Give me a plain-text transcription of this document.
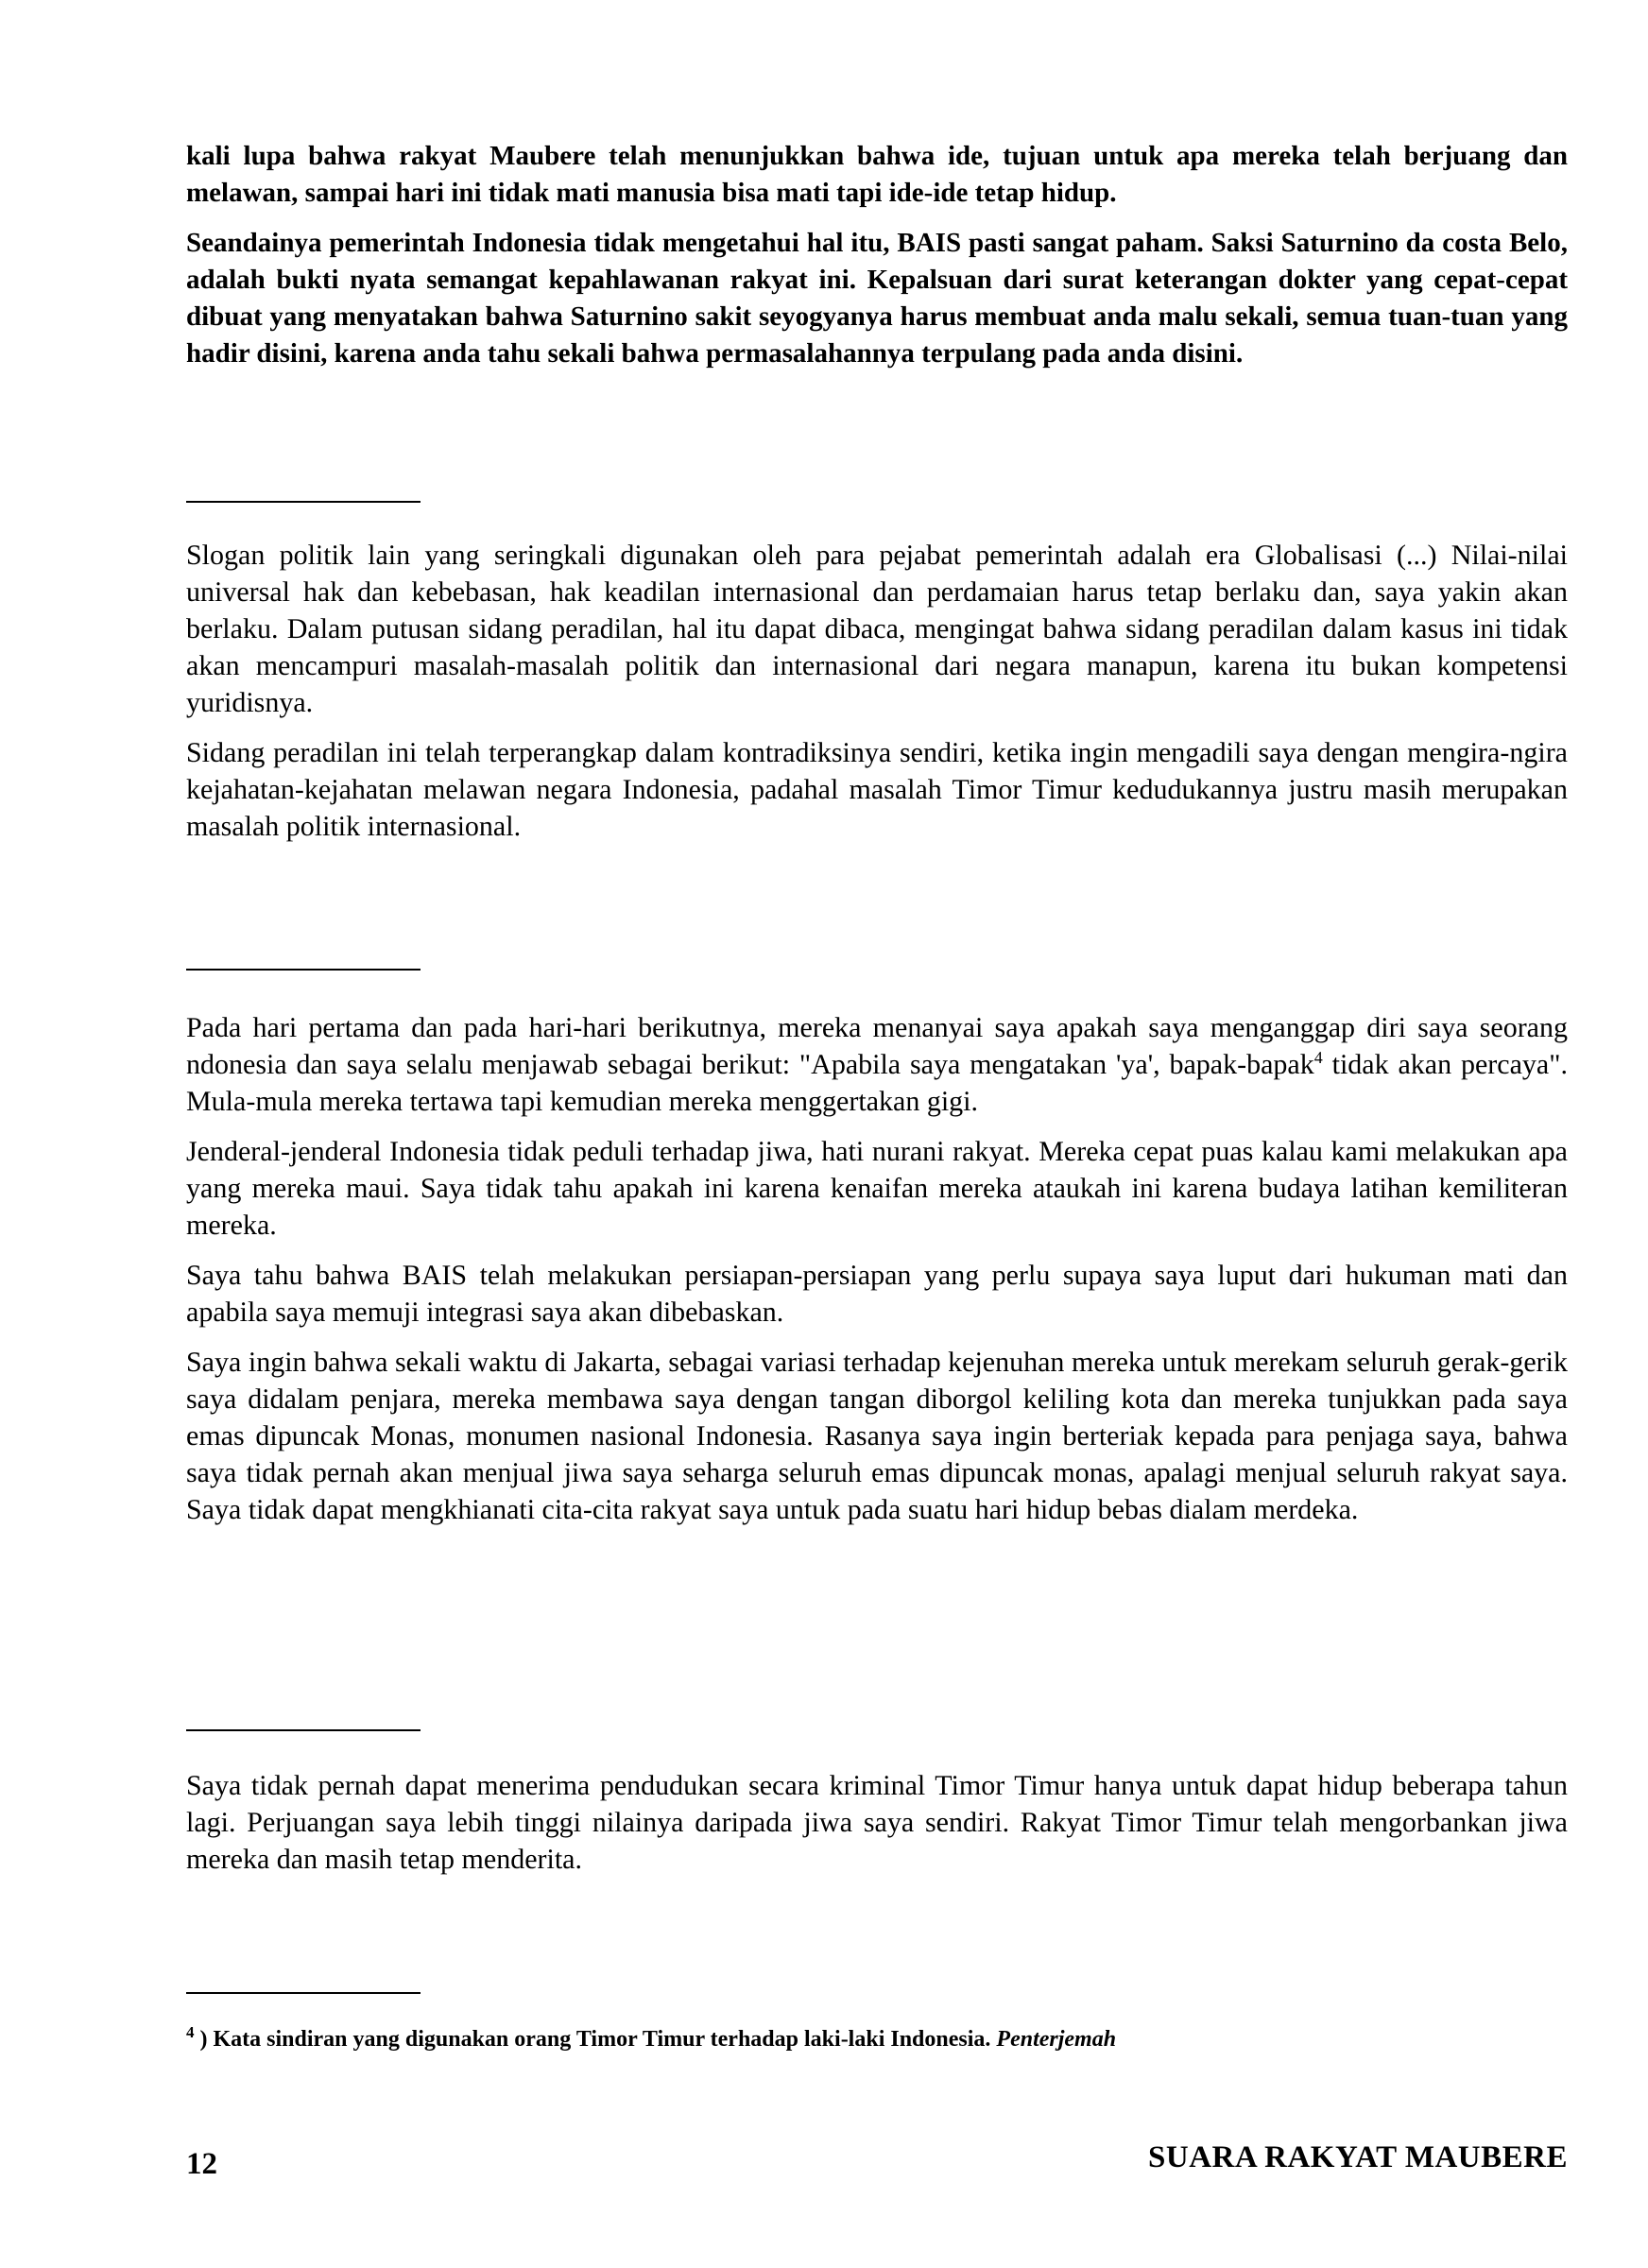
kali lupa bahwa rakyat Maubere telah menunjukkan bahwa ide, tujuan untuk apa mereka telah berjuang dan melawan, sampai hari ini tidak mati manusia bisa mati tapi ide-ide tetap hidup.

Seandainya pemerintah Indonesia tidak mengetahui hal itu, BAIS pasti sangat paham. Saksi Saturnino da costa Belo, adalah bukti nyata semangat kepahlawanan rakyat ini. Kepalsuan dari surat keterangan dokter yang cepat-cepat dibuat yang menyatakan bahwa Saturnino sakit seyogyanya harus membuat anda malu sekali, semua tuan-tuan yang hadir disini, karena anda tahu sekali bahwa permasalahannya terpulang pada anda disini.

Slogan politik lain yang seringkali digunakan oleh para pejabat pemerintah adalah era Globalisasi (...) Nilai-nilai universal hak dan kebebasan, hak keadilan internasional dan perdamaian harus tetap berlaku dan, saya yakin akan berlaku. Dalam putusan sidang peradilan, hal itu dapat dibaca, mengingat bahwa sidang peradilan dalam kasus ini tidak akan mencampuri masalah-masalah politik dan internasional dari negara manapun, karena itu bukan kompetensi yuridisnya.

Sidang peradilan ini telah terperangkap dalam kontradiksinya sendiri, ketika ingin mengadili saya dengan mengira-ngira kejahatan-kejahatan melawan negara Indonesia, padahal masalah Timor Timur kedudukannya justru masih merupakan masalah politik internasional.

Pada hari pertama dan pada hari-hari berikutnya, mereka menanyai saya apakah saya menganggap diri saya seorang ndonesia dan saya selalu menjawab sebagai berikut: "Apabila saya mengatakan 'ya', bapak-bapak$^4$ tidak akan percaya". Mula-mula mereka tertawa tapi kemudian mereka menggertakan gigi.

Jenderal-jenderal Indonesia tidak peduli terhadap jiwa, hati nurani rakyat. Mereka cepat puas kalau kami melakukan apa yang mereka maui. Saya tidak tahu apakah ini karena kenaifan mereka ataukah ini karena budaya latihan kemiliteran mereka.

Saya tahu bahwa BAIS telah melakukan persiapan-persiapan yang perlu supaya saya luput dari hukuman mati dan apabila saya memuji integrasi saya akan dibebaskan.

Saya ingin bahwa sekali waktu di Jakarta, sebagai variasi terhadap kejenuhan mereka untuk merekam seluruh gerak-gerik saya didalam penjara, mereka membawa saya dengan tangan diborgol keliling kota dan mereka tunjukkan pada saya emas dipuncak Monas, monumen nasional Indonesia. Rasanya saya ingin berteriak kepada para penjaga saya, bahwa saya tidak pernah akan menjual jiwa saya seharga seluruh emas dipuncak monas, apalagi menjual seluruh rakyat saya. Saya tidak dapat mengkhianati cita-cita rakyat saya untuk pada suatu hari hidup bebas dialam merdeka.

Saya tidak pernah dapat menerima pendudukan secara kriminal Timor Timur hanya untuk dapat hidup beberapa tahun lagi. Perjuangan saya lebih tinggi nilainya daripada jiwa saya sendiri. Rakyat Timor Timur telah mengorbankan jiwa mereka dan masih tetap menderita.

$^4$ ) Kata sindiran yang digunakan orang Timor Timur terhadap laki-laki Indonesia. Penterjemah
12	SUARA RAKYAT MAUBERE
